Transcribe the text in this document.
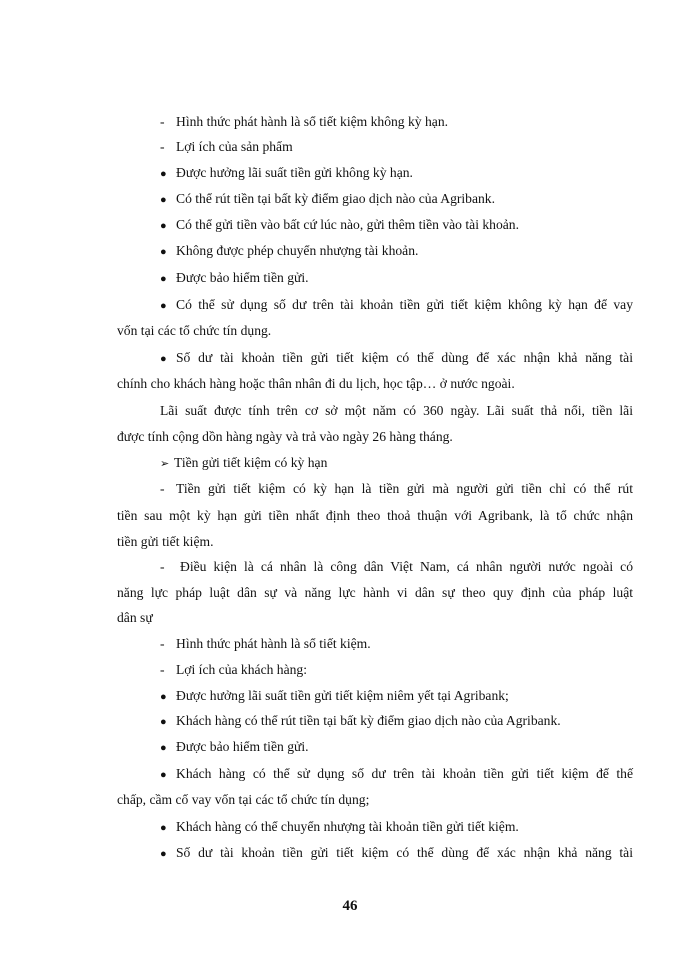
- Hình thức phát hành là sổ tiết kiệm không kỳ hạn.
- Lợi ích của sản phẩm
● Được hưởng lãi suất tiền gửi không kỳ hạn.
● Có thể rút tiền tại bất kỳ điểm giao dịch nào của Agribank.
● Có thể gửi tiền vào bất cứ lúc nào, gửi thêm tiền vào tài khoản.
● Không được phép chuyển nhượng tài khoản.
● Được bảo hiểm tiền gửi.
● Có thể sử dụng số dư trên tài khoản tiền gửi tiết kiệm không kỳ hạn để vay
vốn tại các tổ chức tín dụng.
● Số dư tài khoản tiền gửi tiết kiệm có thể dùng để xác nhận khả năng tài
chính cho khách hàng hoặc thân nhân đi du lịch, học tập… ở nước ngoài.
Lãi suất được tính trên cơ sở một năm có 360 ngày. Lãi suất thả nổi, tiền lãi
được tính cộng dồn hàng ngày và trả vào ngày 26 hàng tháng.
➢ Tiền gửi tiết kiệm có kỳ hạn
- Tiền gửi tiết kiệm có kỳ hạn là tiền gửi mà người gửi tiền chỉ có thể rút
tiền sau một kỳ hạn gửi tiền nhất định theo thoả thuận với Agribank, là tổ chức nhận
tiền gửi tiết kiệm.
- Điều kiện là cá nhân là công dân Việt Nam, cá nhân người nước ngoài có
năng lực pháp luật dân sự và năng lực hành vi dân sự theo quy định của pháp luật
dân sự
- Hình thức phát hành là sổ tiết kiệm.
- Lợi ích của khách hàng:
● Được hưởng lãi suất tiền gửi tiết kiệm niêm yết tại Agribank;
● Khách hàng có thể rút tiền tại bất kỳ điểm giao dịch nào của Agribank.
● Được bảo hiểm tiền gửi.
● Khách hàng có thể sử dụng số dư trên tài khoản tiền gửi tiết kiệm để thế
chấp, cầm cố vay vốn tại các tổ chức tín dụng;
● Khách hàng có thể chuyển nhượng tài khoản tiền gửi tiết kiệm.
● Số dư tài khoản tiền gửi tiết kiệm có thể dùng để xác nhận khả năng tài
46
